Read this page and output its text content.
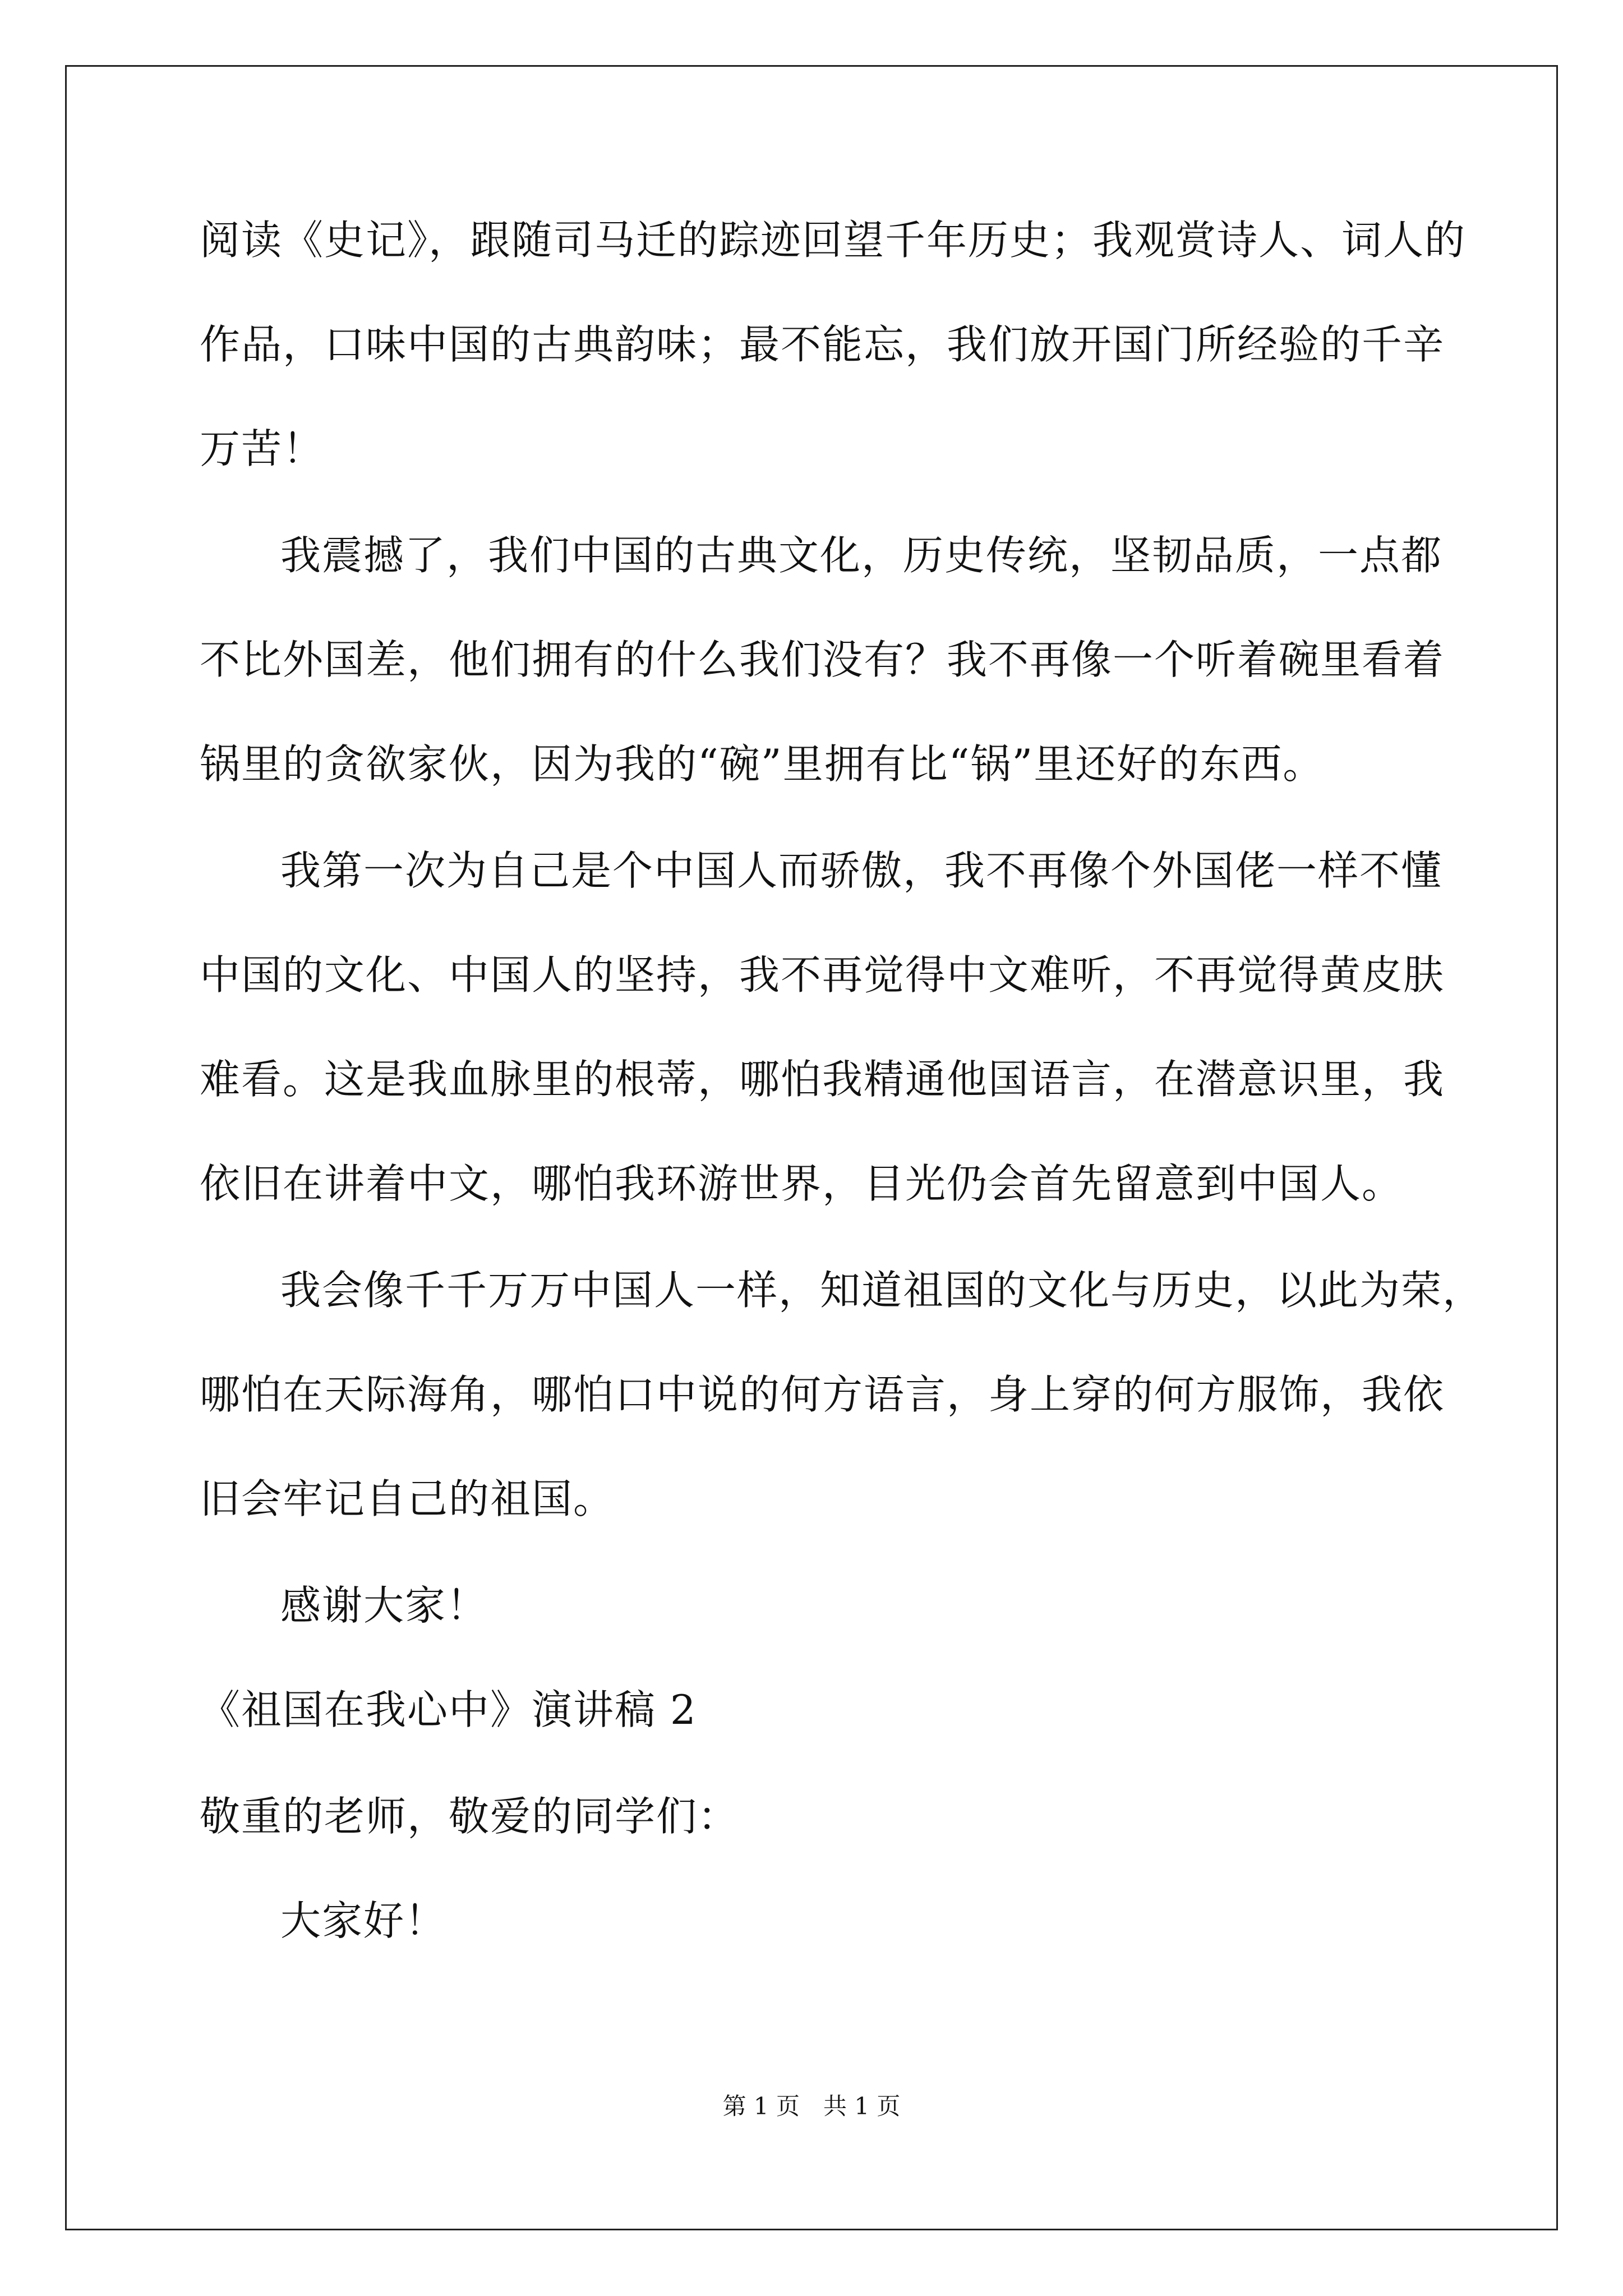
阅读《史记》，跟随司马迁的踪迹回望千年历史；我观赏诗人、词人的
作品，口味中国的古典韵味；最不能忘，我们放开国门所经验的千辛
万苦！
我震撼了，我们中国的古典文化，历史传统，坚韧品质，一点都
不比外国差，他们拥有的什么我们没有？我不再像一个听着碗里看着
锅里的贪欲家伙，因为我的“碗”里拥有比“锅”里还好的东西。
我第一次为自己是个中国人而骄傲，我不再像个外国佬一样不懂
中国的文化、中国人的坚持，我不再觉得中文难听，不再觉得黄皮肤
难看。这是我血脉里的根蒂，哪怕我精通他国语言，在潜意识里，我
依旧在讲着中文，哪怕我环游世界，目光仍会首先留意到中国人。
我会像千千万万中国人一样，知道祖国的文化与历史，以此为荣，
哪怕在天际海角，哪怕口中说的何方语言，身上穿的何方服饰，我依
旧会牢记自己的祖国。
感谢大家！
《祖国在我心中》演讲稿 2
敬重的老师，敬爱的同学们：
大家好！
第 1 页　共 1 页
